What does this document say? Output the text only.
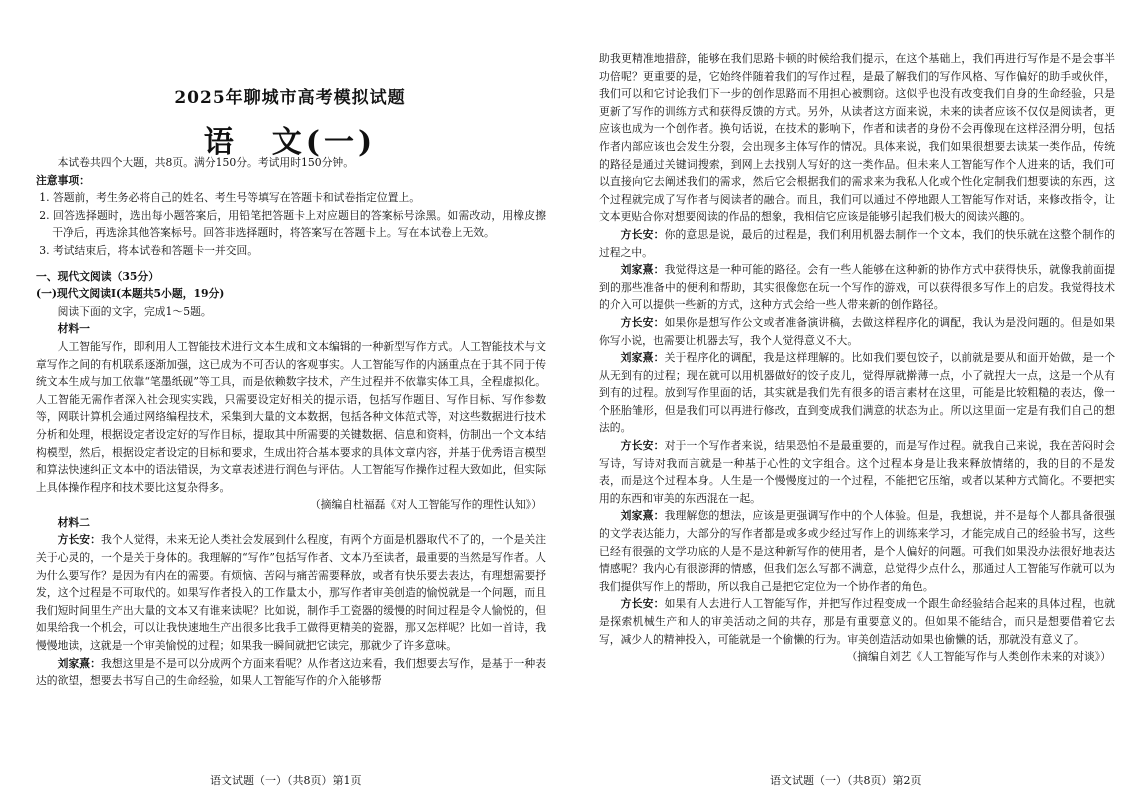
2025年聊城市高考模拟试题
语　文(一)

本试卷共四个大题，共8页。满分150分。考试用时150分钟。

注意事项：

1. 答题前，考生务必将自己的姓名、考生号等填写在答题卡和试卷指定位置上。

2. 回答选择题时，选出每小题答案后，用铅笔把答题卡上对应题目的答案标号涂黑。如需改动，用橡皮擦干净后，再选涂其他答案标号。回答非选择题时，将答案写在答题卡上。写在本试卷上无效。

3. 考试结束后，将本试卷和答题卡一并交回。

一、现代文阅读（35分）
(一)现代文阅读Ⅰ(本题共5小题，19分)

阅读下面的文字，完成1～5题。

材料一

人工智能写作，即利用人工智能技术进行文本生成和文本编辑的一种新型写作方式。人工智能技术与文章写作之间的有机联系逐渐加强，这已成为不可否认的客观事实。人工智能写作的内涵重点在于其不同于传统文本生成与加工依靠“笔墨纸砚”等工具，而是依赖数字技术，产生过程并不依靠实体工具，全程虚拟化。人工智能无需作者深入社会现实实践，只需要设定好相关的提示语，包括写作题目、写作目标、写作参数等，网联计算机会通过网络编程技术，采集到大量的文本数据，包括各种文体范式等，对这些数据进行技术分析和处理，根据设定者设定好的写作目标，提取其中所需要的关键数据、信息和资料，仿制出一个文本结构模型，然后，根据设定者设定的目标和要求，生成出符合基本要求的具体文章内容，并基于优秀语言模型和算法快速纠正文本中的语法错误，为文章表述进行润色与评估。人工智能写作操作过程大致如此，但实际上具体操作程序和技术要比这复杂得多。

（摘编自杜福磊《对人工智能写作的理性认知》）

材料二

方长安：我个人觉得，未来无论人类社会发展到什么程度，有两个方面是机器取代不了的，一个是关注关于心灵的，一个是关于身体的。我理解的“写作”包括写作者、文本乃至读者，最重要的当然是写作者。人为什么要写作？是因为有内在的需要。有烦恼、苦闷与痛苦需要释放，或者有快乐要去表达，有理想需要抒发，这个过程是不可取代的。如果写作者投入的工作量太小，那写作者审美创造的愉悦就是一个问题，而且我们短时间里生产出大量的文本又有谁来读呢？比如说，制作手工瓷器的缓慢的时间过程是令人愉悦的，但如果给我一个机会，可以让我快速地生产出很多比我手工做得更精美的瓷器，那又怎样呢？比如一首诗，我慢慢地读，这就是一个审美愉悦的过程；如果我一瞬间就把它读完，那就少了许多意味。

刘家熹：我想这里是不是可以分成两个方面来看呢？从作者这边来看，我们想要去写作，是基于一种表达的欲望，想要去书写自己的生命经验，如果人工智能写作的介入能够帮

语文试题（一）（共8页）第1页

助我更精准地措辞，能够在我们思路卡顿的时候给我们提示，在这个基础上，我们再进行写作是不是会事半功倍呢？更重要的是，它始终伴随着我们的写作过程，是最了解我们的写作风格、写作偏好的助手或伙伴，我们可以和它讨论我们下一步的创作思路而不用担心被剽窃。这似乎也没有改变我们自身的生命经验，只是更新了写作的训练方式和获得反馈的方式。另外，从读者这方面来说，未来的读者应该不仅仅是阅读者，更应该也成为一个创作者。换句话说，在技术的影响下，作者和读者的身份不会再像现在这样泾渭分明，包括作者内部应该也会发生分裂，会出现多主体写作的情况。具体来说，我们如果很想要去读某一类作品，传统的路径是通过关键词搜索，到网上去找别人写好的这一类作品。但未来人工智能写作个人进来的话，我们可以直接向它去阐述我们的需求，然后它会根据我们的需求来为我私人化或个性化定制我们想要读的东西，这个过程就完成了写作者与阅读者的融合。而且，我们可以通过不停地跟人工智能写作对话，来修改指令，让文本更贴合你对想要阅读的作品的想象，我相信它应该是能够引起我们极大的阅读兴趣的。

方长安：你的意思是说，最后的过程是，我们利用机器去制作一个文本，我们的快乐就在这整个制作的过程之中。

刘家熹：我觉得这是一种可能的路径。会有一些人能够在这种新的协作方式中获得快乐，就像我前面提到的那些准备中的便利和帮助，其实很像您在玩一个写作的游戏，可以获得很多写作上的启发。我觉得技术的介入可以提供一些新的方式，这种方式会给一些人带来新的创作路径。

方长安：如果你是想写作公文或者准备演讲稿，去做这样程序化的调配，我认为是没问题的。但是如果你写小说，也需要让机器去写，我个人觉得意义不大。

刘家熹：关于程序化的调配，我是这样理解的。比如我们要包饺子，以前就是要从和面开始做，是一个从无到有的过程；现在就可以用机器做好的饺子皮儿，觉得厚就擀薄一点，小了就捏大一点，这是一个从有到有的过程。放到写作里面的话，其实就是我们先有很多的语言素材在这里，可能是比较粗糙的表达，像一个胚胎雏形，但是我们可以再进行修改，直到变成我们满意的状态为止。所以这里面一定是有我们自己的想法的。

方长安：对于一个写作者来说，结果恐怕不是最重要的，而是写作过程。就我自己来说，我在苦闷时会写诗，写诗对我而言就是一种基于心性的文字组合。这个过程本身是让我来释放情绪的，我的目的不是发表，而是这个过程本身。人生是一个慢慢度过的一个过程，不能把它压缩，或者以某种方式简化。不要把实用的东西和审美的东西混在一起。

刘家熹：我理解您的想法，应该是更强调写作中的个人体验。但是，我想说，并不是每个人都具备很强的文学表达能力，大部分的写作者都是或多或少经过写作上的训练来学习，才能完成自己的经验书写，这些已经有很强的文学功底的人是不是这种新写作的使用者，是个人偏好的问题。可我们如果没办法很好地表达情感呢？我内心有很澎湃的情感，但我们怎么写都不满意，总觉得少点什么，那通过人工智能写作就可以为我们提供写作上的帮助，所以我自己是把它定位为一个协作者的角色。

方长安：如果有人去进行人工智能写作，并把写作过程变成一个跟生命经验结合起来的具体过程，也就是探索机械生产和人的审美活动之间的共存，那是有重要意义的。但如果不能结合，而只是想要借着它去写，减少人的精神投入，可能就是一个偷懒的行为。审美创造活动如果也偷懒的话，那就没有意义了。

（摘编自刘艺《人工智能写作与人类创作未来的对谈》）
语文试题（一）（共8页）第2页
